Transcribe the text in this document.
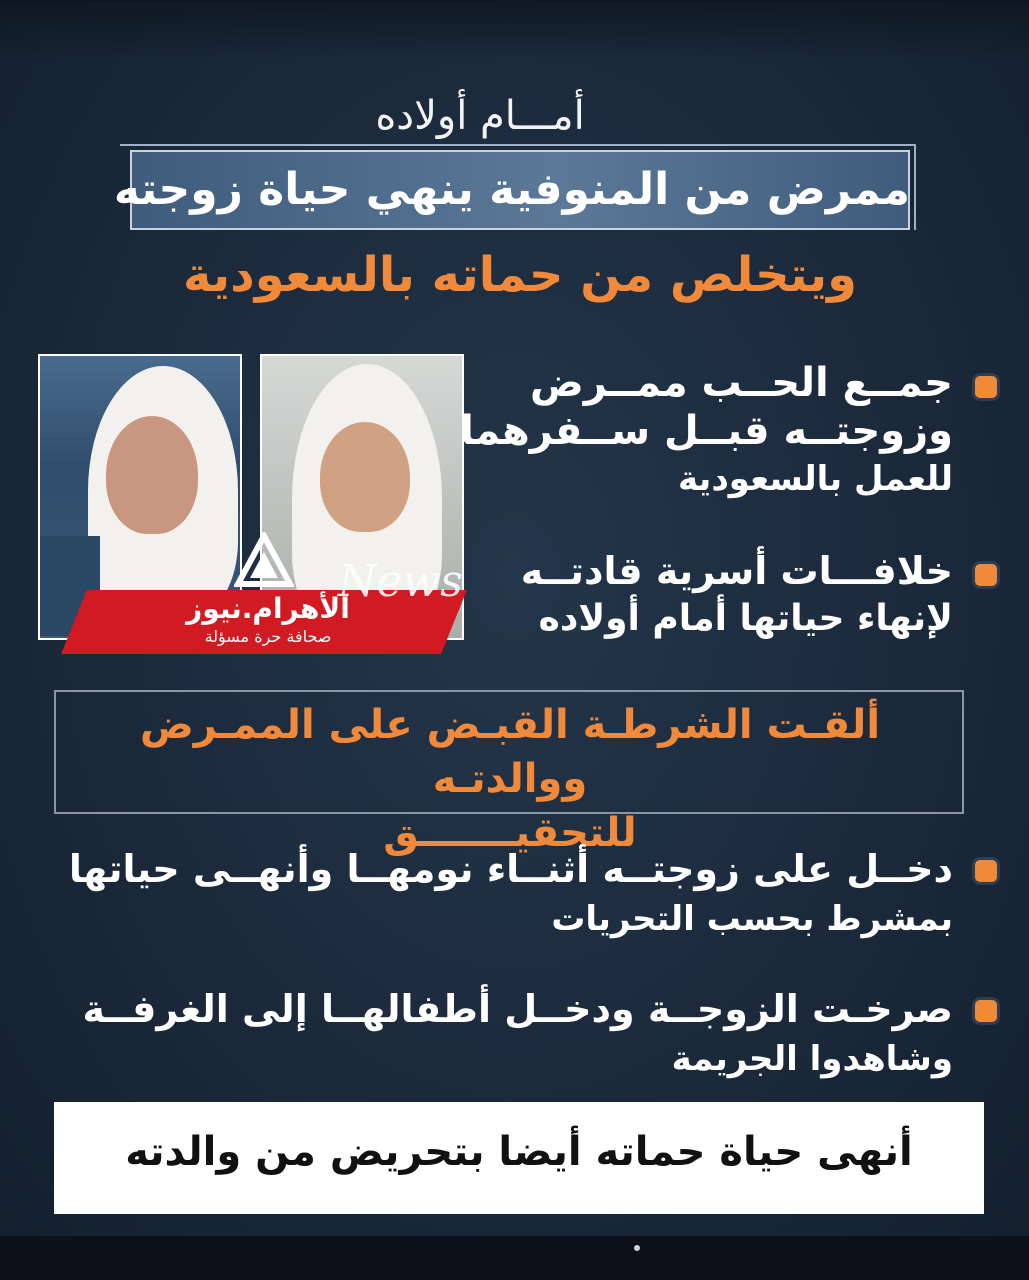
أمـــام أولاده
ممرض من المنوفية ينهي حياة زوجته
ويتخلص من حماته بالسعودية
الأهرام.نيوز
صحافة حرة مسؤلة
News
جمــع الحــب ممــرض
وزوجتــه قبــل ســفرهما
للعمل بالسعودية
خلافـــات أسرية قادتــه
لإنهاء حياتها أمام أولاده
ألقـت الشرطـة القبـض على الممـرض ووالدتـه
للتحقيـــــــق
دخــل على زوجتــه أثنــاء نومهــا وأنهــى حياتها
بمشرط بحسب التحريات
صرخـت الزوجــة ودخــل أطفالهــا إلى الغرفــة
وشاهدوا الجريمة
أنهى حياة حماته أيضا بتحريض من والدته
